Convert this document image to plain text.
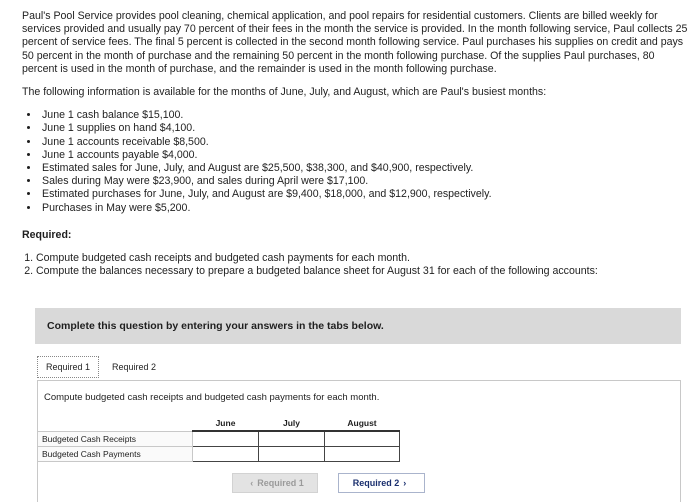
Paul's Pool Service provides pool cleaning, chemical application, and pool repairs for residential customers. Clients are billed weekly for services provided and usually pay 70 percent of their fees in the month the service is provided. In the month following service, Paul collects 25 percent of service fees. The final 5 percent is collected in the second month following service. Paul purchases his supplies on credit and pays 50 percent in the month of purchase and the remaining 50 percent in the month following purchase. Of the supplies Paul purchases, 80 percent is used in the month of purchase, and the remainder is used in the month following purchase.

The following information is available for the months of June, July, and August, which are Paul's busiest months:

• June 1 cash balance $15,100.
• June 1 supplies on hand $4,100.
• June 1 accounts receivable $8,500.
• June 1 accounts payable $4,000.
• Estimated sales for June, July, and August are $25,500, $38,300, and $40,900, respectively.
• Sales during May were $23,900, and sales during April were $17,100.
• Estimated purchases for June, July, and August are $9,400, $18,000, and $12,900, respectively.
• Purchases in May were $5,200.

Required:

1. Compute budgeted cash receipts and budgeted cash payments for each month.
2. Compute the balances necessary to prepare a budgeted balance sheet for August 31 for each of the following accounts:
Complete this question by entering your answers in the tabs below.
Required 1	Required 2
Compute budgeted cash receipts and budgeted cash payments for each month.
	June	July	August
Budgeted Cash Receipts			
Budgeted Cash Payments			
‹ Required 1	Required 2 ›
